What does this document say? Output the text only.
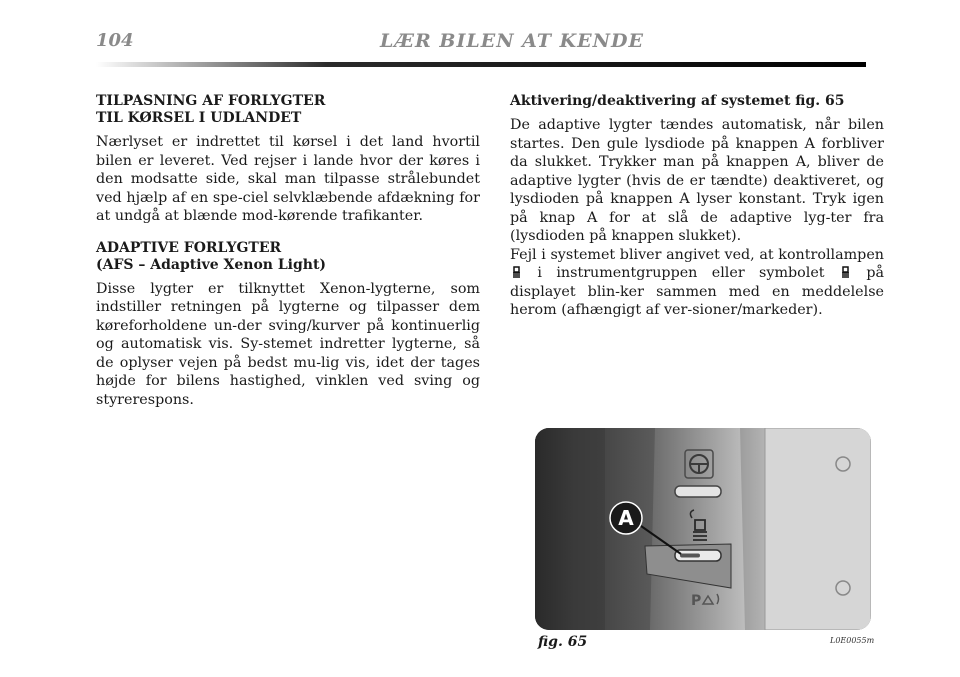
104	LÆR BILEN AT KENDE
TILPASNING AF FORLYGTER
TIL KØRSEL I UDLANDET

Nærlyset er indrettet til kørsel i det land hvortil bilen er leveret. Ved rejser i lande hvor der køres i den modsatte side, skal man tilpasse strålebundet ved hjælp af en spe-ciel selvklæbende afdækning for at undgå at blænde mod-kørende trafikanter.

ADAPTIVE FORLYGTER
(AFS – Adaptive Xenon Light)

Disse lygter er tilknyttet Xenon-lygterne, som indstiller retningen på lygterne og tilpasser dem køreforholdene un-der sving/kurver på kontinuerlig og automatisk vis. Sy-stemet indretter lygterne, så de oplyser vejen på bedst mu-lig vis, idet der tages højde for bilens hastighed, vinklen ved sving og styrerespons.

Aktivering/deaktivering af systemet fig. 65

De adaptive lygter tændes automatisk, når bilen startes. Den gule lysdiode på knappen A forbliver da slukket. Trykker man på knappen A, bliver de adaptive lygter (hvis de er tændte) deaktiveret, og lysdioden på knappen A lyser konstant. Tryk igen på knap A for at slå de adaptive lyg-ter fra (lysdioden på knappen slukket).

Fejl i systemet bliver angivet ved, at kontrollampen  i instrumentgruppen eller symbolet	på displayet blin-ker sammen med en meddelelse herom (afhængigt af ver-sioner/markeder).

A
P
fig. 65	L0E0055m
